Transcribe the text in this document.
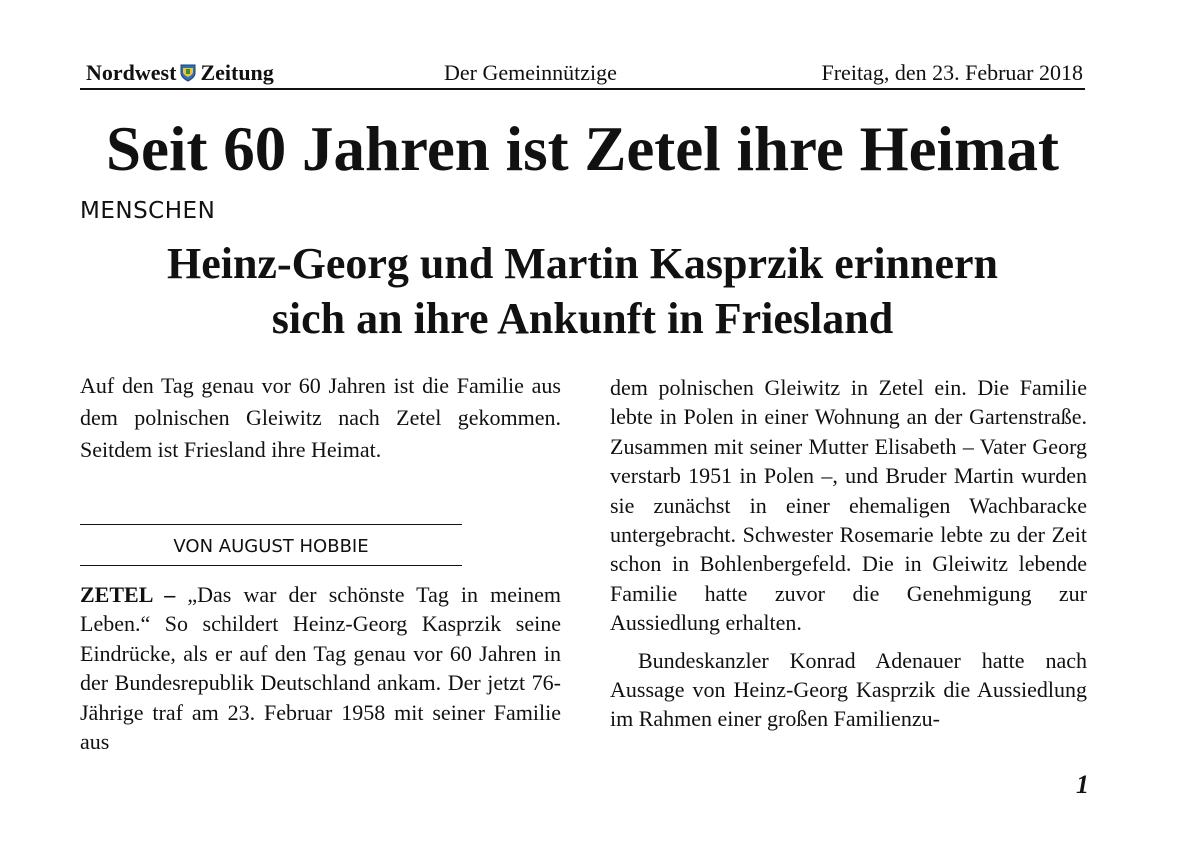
Nordwest Zeitung	Der Gemeinnützige	Freitag, den 23. Februar 2018
Seit 60 Jahren ist Zetel ihre Heimat
MENSCHEN
Heinz-Georg und Martin Kasprzik erinnern
sich an ihre Ankunft in Friesland

Auf den Tag genau vor 60 Jahren ist die Familie aus dem polnischen Gleiwitz nach Zetel gekommen. Seitdem ist Friesland ihre Heimat.

VON AUGUST HOBBIE

ZETEL – „Das war der schönste Tag in meinem Leben.“ So schildert Heinz-Georg Kasprzik seine Eindrücke, als er auf den Tag genau vor 60 Jahren in der Bundesrepublik Deutschland ankam. Der jetzt 76-Jährige traf am 23. Februar 1958 mit seiner Familie aus

dem polnischen Gleiwitz in Zetel ein. Die Familie lebte in Polen in einer Wohnung an der Gartenstraße. Zusammen mit seiner Mutter Elisabeth – Vater Georg verstarb 1951 in Polen –, und Bruder Martin wurden sie zunächst in einer ehemaligen Wachbaracke untergebracht. Schwester Rosemarie lebte zu der Zeit schon in Bohlenbergefeld. Die in Gleiwitz lebende Familie hatte zuvor die Genehmigung zur Aussiedlung erhalten.

Bundeskanzler Konrad Adenauer hatte nach Aussage von Heinz-Georg Kasprzik die Aussiedlung im Rahmen einer großen Familienzu-

1
